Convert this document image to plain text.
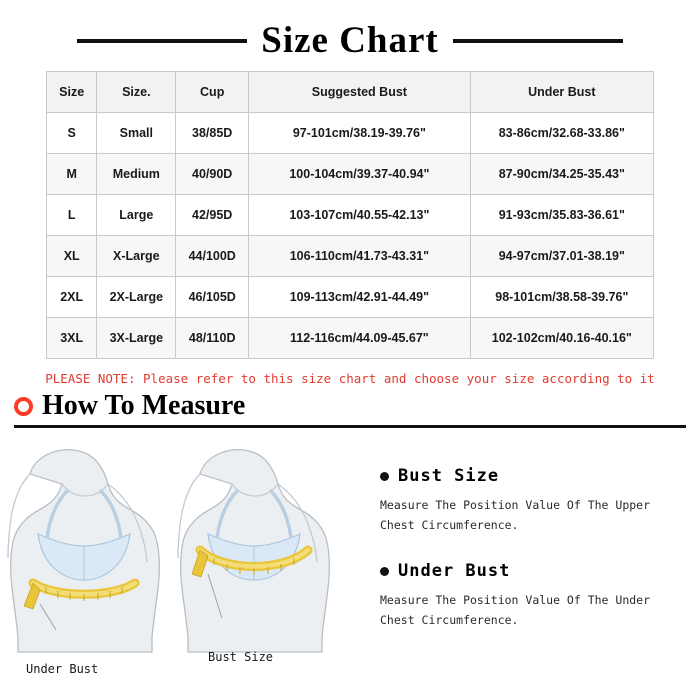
Size Chart
Size	Size.	Cup	Suggested Bust	Under Bust
S	Small	38/85D	97-101cm/38.19-39.76"	83-86cm/32.68-33.86"
M	Medium	40/90D	100-104cm/39.37-40.94"	87-90cm/34.25-35.43"
L	Large	42/95D	103-107cm/40.55-42.13"	91-93cm/35.83-36.61"
XL	X-Large	44/100D	106-110cm/41.73-43.31"	94-97cm/37.01-38.19"
2XL	2X-Large	46/105D	109-113cm/42.91-44.49"	98-101cm/38.58-39.76"
3XL	3X-Large	48/110D	112-116cm/44.09-45.67"	102-102cm/40.16-40.16"
PLEASE NOTE: Please refer to this size chart and choose your size according to it
How To Measure
Under Bust
Bust Size
Bust Size
Measure The Position Value Of The Upper Chest Circumference.
Under Bust
Measure The Position Value Of The Under Chest Circumference.
